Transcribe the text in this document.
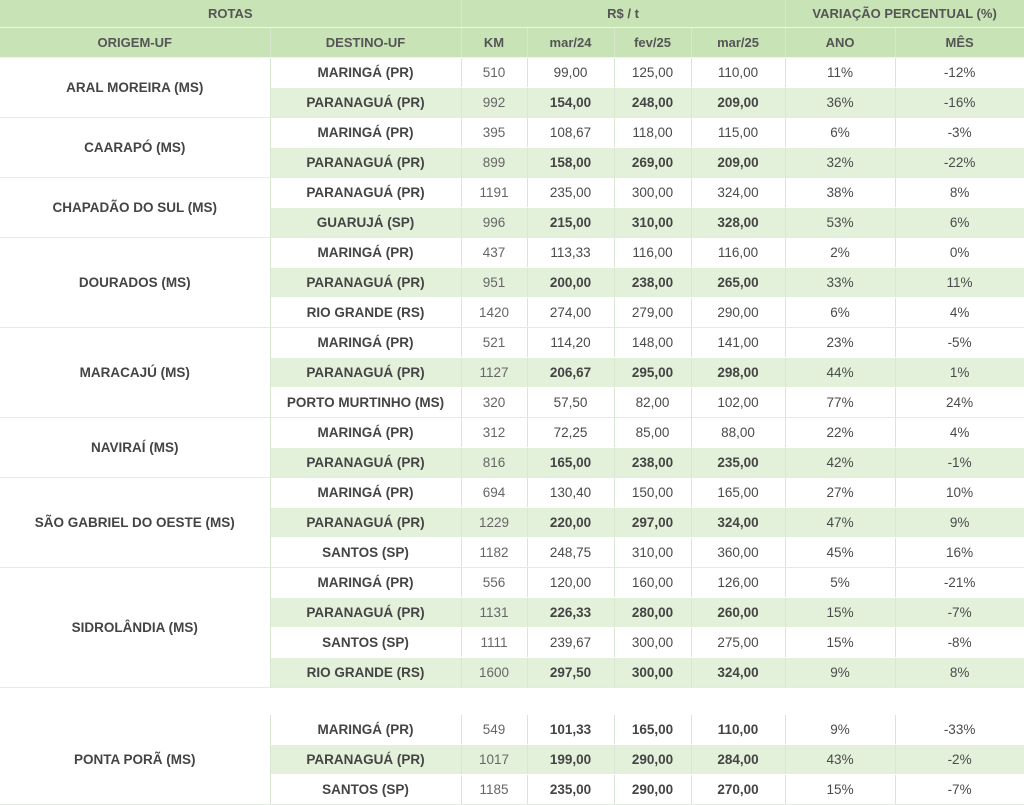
ROTAS		R$ / t				VARIAÇÃO PERCENTUAL (%)	
ORIGEM-UF	DESTINO-UF	KM	mar/24	fev/25	mar/25	ANO	MÊS
ARAL MOREIRA (MS)	MARINGÁ (PR)	510	99,00	125,00	110,00	11%	-12%
	PARANAGUÁ (PR)	992	154,00	248,00	209,00	36%	-16%
CAARAPÓ (MS)	MARINGÁ (PR)	395	108,67	118,00	115,00	6%	-3%
	PARANAGUÁ (PR)	899	158,00	269,00	209,00	32%	-22%
CHAPADÃO DO SUL (MS)	PARANAGUÁ (PR)	1191	235,00	300,00	324,00	38%	8%
	GUARUJÁ (SP)	996	215,00	310,00	328,00	53%	6%
DOURADOS (MS)	MARINGÁ (PR)	437	113,33	116,00	116,00	2%	0%
	PARANAGUÁ (PR)	951	200,00	238,00	265,00	33%	11%
	RIO GRANDE (RS)	1420	274,00	279,00	290,00	6%	4%
MARACAJÚ (MS)	MARINGÁ (PR)	521	114,20	148,00	141,00	23%	-5%
	PARANAGUÁ (PR)	1127	206,67	295,00	298,00	44%	1%
	PORTO MURTINHO (MS)	320	57,50	82,00	102,00	77%	24%
NAVIRAÍ (MS)	MARINGÁ (PR)	312	72,25	85,00	88,00	22%	4%
	PARANAGUÁ (PR)	816	165,00	238,00	235,00	42%	-1%
SÃO GABRIEL DO OESTE (MS)	MARINGÁ (PR)	694	130,40	150,00	165,00	27%	10%
	PARANAGUÁ (PR)	1229	220,00	297,00	324,00	47%	9%
	SANTOS (SP)	1182	248,75	310,00	360,00	45%	16%
SIDROLÂNDIA (MS)	MARINGÁ (PR)	556	120,00	160,00	126,00	5%	-21%
	PARANAGUÁ (PR)	1131	226,33	280,00	260,00	15%	-7%
	SANTOS (SP)	1111	239,67	300,00	275,00	15%	-8%
	RIO GRANDE (RS)	1600	297,50	300,00	324,00	9%	8%

PONTA PORÃ (MS)	MARINGÁ (PR)	549	101,33	165,00	110,00	9%	-33%
	PARANAGUÁ (PR)	1017	199,00	290,00	284,00	43%	-2%
	SANTOS (SP)	1185	235,00	290,00	270,00	15%	-7%
